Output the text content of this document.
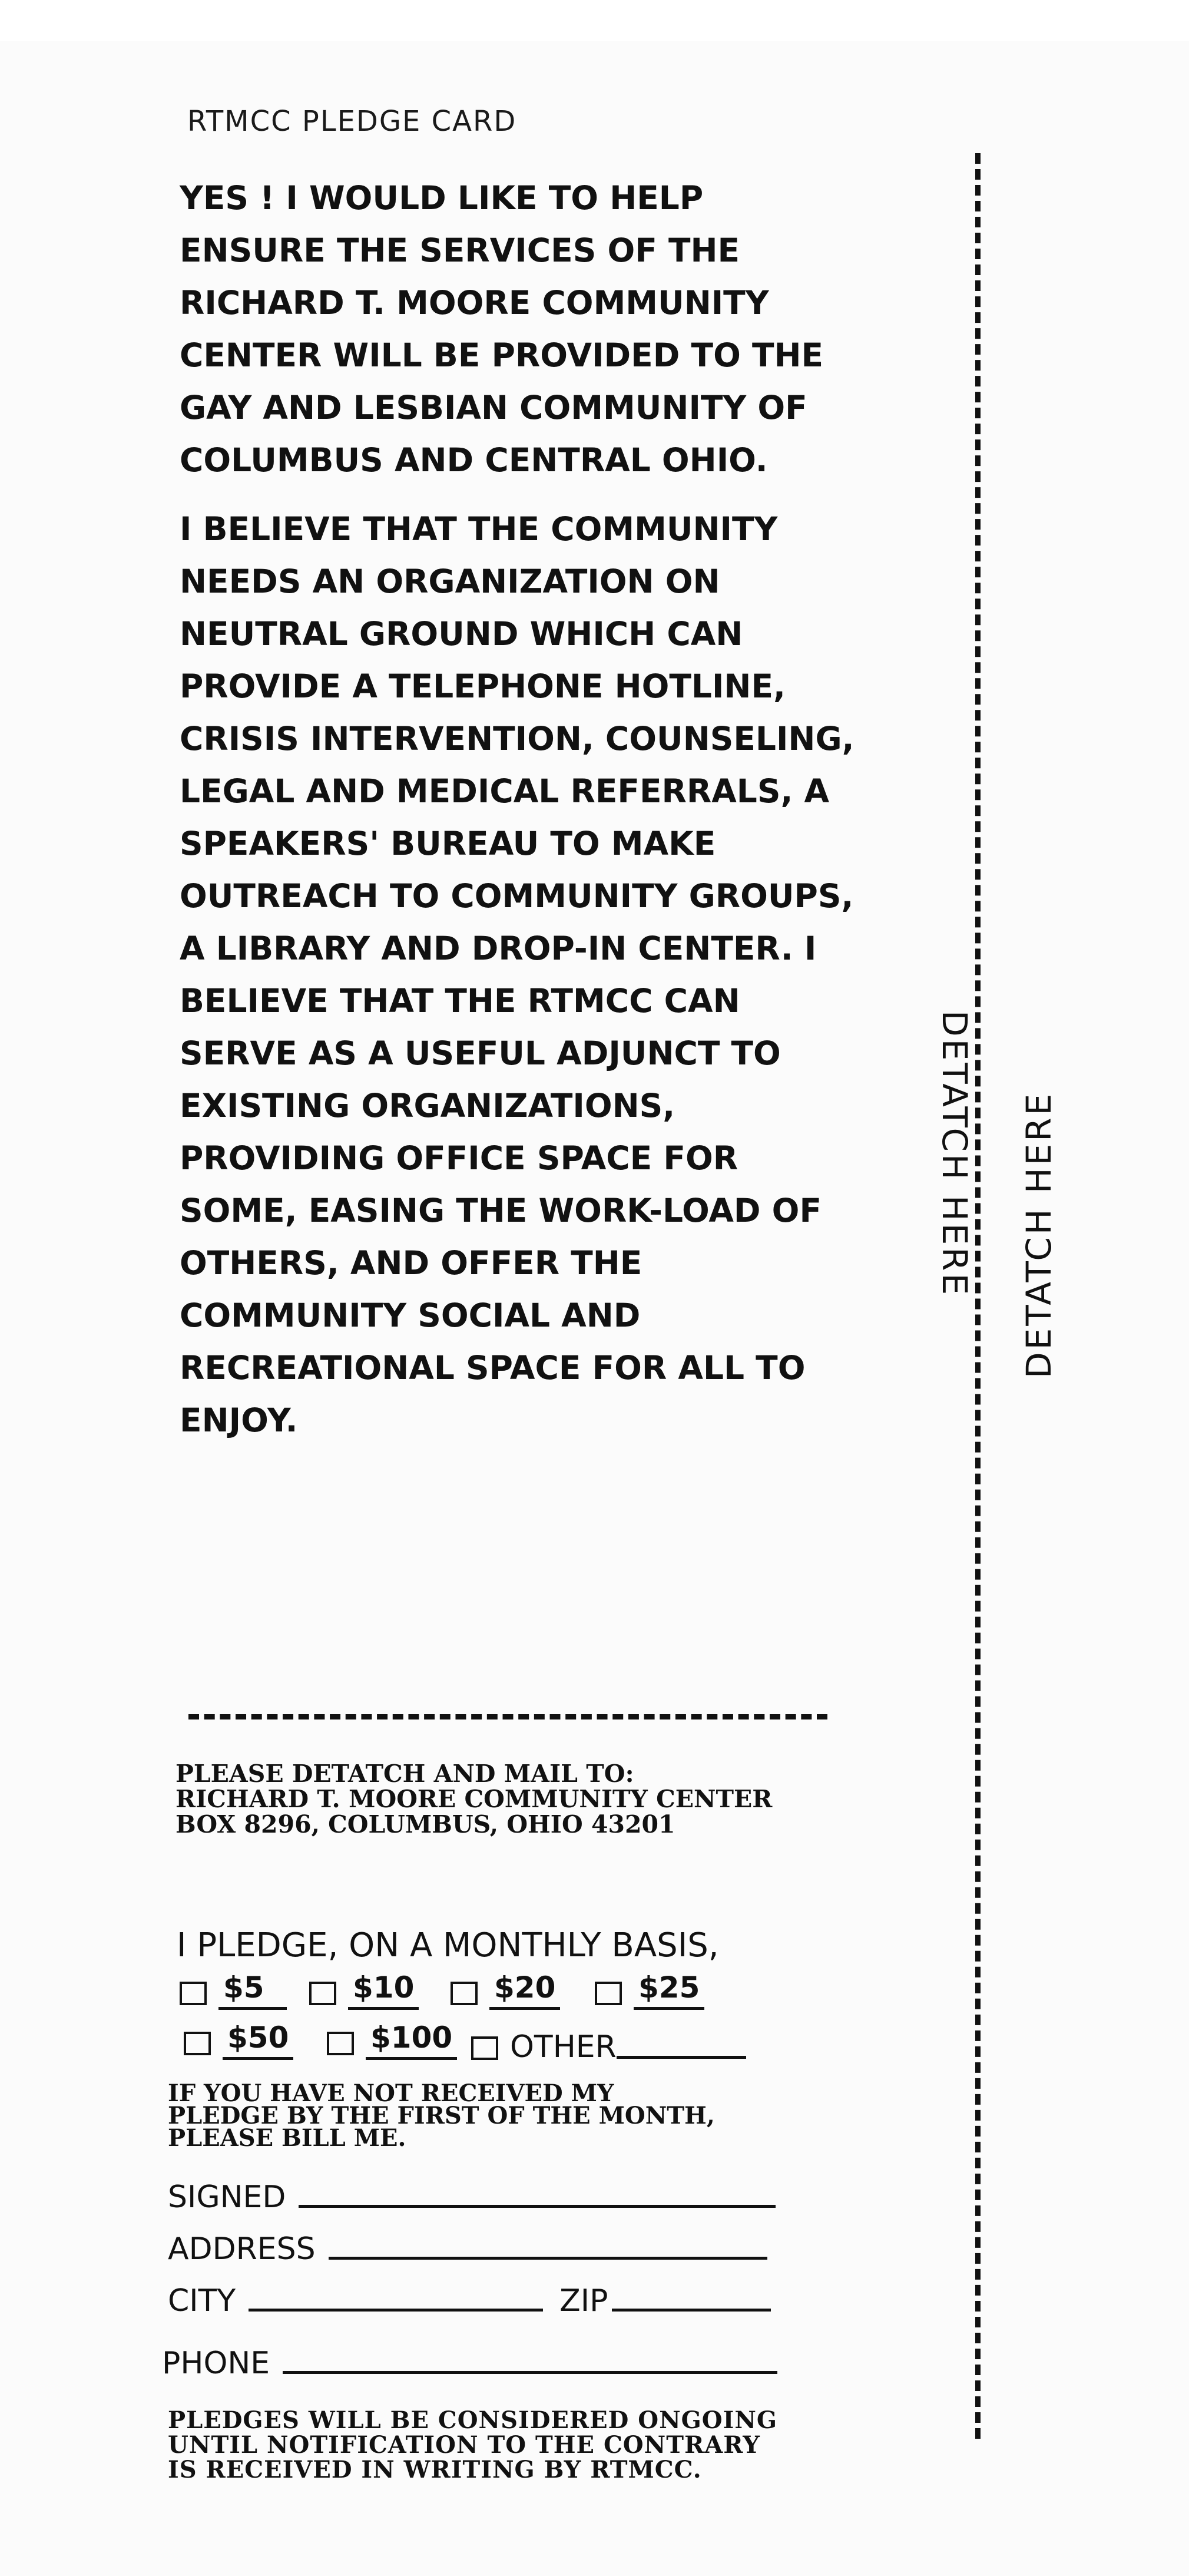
RTMCC PLEDGE CARD

YES ! I WOULD LIKE TO HELP ENSURE THE SERVICES OF THE RICHARD T. MOORE COMMUNITY CENTER WILL BE PROVIDED TO THE GAY AND LESBIAN COMMUNITY OF COLUMBUS AND CENTRAL OHIO.

I BELIEVE THAT THE COMMUNITY NEEDS AN ORGANIZATION ON NEUTRAL GROUND WHICH CAN PROVIDE A TELEPHONE HOTLINE, CRISIS INTERVENTION, COUNSELING, LEGAL AND MEDICAL REFERRALS, A SPEAKERS' BUREAU TO MAKE OUTREACH TO COMMUNITY GROUPS, A LIBRARY AND DROP-IN CENTER. I BELIEVE THAT THE RTMCC CAN SERVE AS A USEFUL ADJUNCT TO EXISTING ORGANIZATIONS, PROVIDING OFFICE SPACE FOR SOME, EASING THE WORK-LOAD OF OTHERS, AND OFFER THE COMMUNITY SOCIAL AND RECREATIONAL SPACE FOR ALL TO ENJOY.

PLEASE DETATCH AND MAIL TO:
RICHARD T. MOORE COMMUNITY CENTER
BOX 8296, COLUMBUS, OHIO 43201
I PLEDGE, ON A MONTHLY BASIS,
$5	$10	$20	$25
$50	$100 OTHER
IF YOU HAVE NOT RECEIVED MY
PLEDGE BY THE FIRST OF THE MONTH,
PLEASE BILL ME.
SIGNED
ADDRESS
CITY	ZIP
PHONE
PLEDGES WILL BE CONSIDERED ONGOING
UNTIL NOTIFICATION TO THE CONTRARY
IS RECEIVED IN WRITING BY RTMCC.
DETATCH HERE DETATCH HERE
